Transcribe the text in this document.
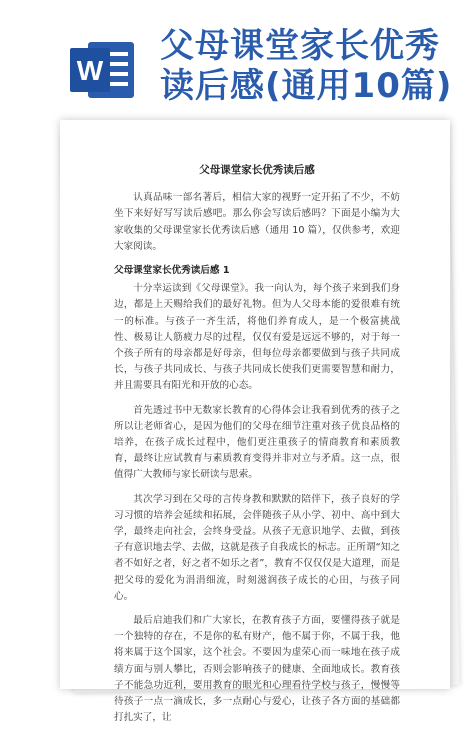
W
父母课堂家长优秀
读后感(通用10篇)
父母课堂家长优秀读后感

认真品味一部名著后，相信大家的视野一定开拓了不少，不妨坐下来好好写写读后感吧。那么你会写读后感吗？下面是小编为大家收集的父母课堂家长优秀读后感（通用 10 篇），仅供参考，欢迎大家阅读。

父母课堂家长优秀读后感 1

十分幸运读到《父母课堂》。我一向认为，每个孩子来到我们身边，都是上天赐给我们的最好礼物。但为人父母本能的爱很难有统一的标准。与孩子一齐生活，将他们养育成人，是一个极富挑战性、极易让人筋疲力尽的过程，仅仅有爱是远远不够的，对于每一个孩子所有的母亲都是好母亲，但每位母亲都要做到与孩子共同成长，与孩子共同成长、与孩子共同成长使我们更需要智慧和耐力，并且需要具有阳光和开放的心态。

首先透过书中无数家长教育的心得体会让我看到优秀的孩子之所以让老师省心，是因为他们的父母在细节注重对孩子优良品格的培养，在孩子成长过程中，他们更注重孩子的情商教育和素质教育，最终让应试教育与素质教育变得并非对立与矛盾。这一点，很值得广大教师与家长研读与思索。

其次学习到在父母的言传身教和默默的陪伴下，孩子良好的学习习惯的培养会延续和拓展，会伴随孩子从小学、初中、高中到大学，最终走向社会，会终身受益。从孩子无意识地学、去做，到孩子有意识地去学、去做，这就是孩子自我成长的标志。正所谓“知之者不如好之者，好之者不如乐之者”，教育不仅仅仅是大道理，而是把父母的爱化为涓涓细流，时刻滋润孩子成长的心田，与孩子同心。

最后启迪我们和广大家长，在教育孩子方面，要懂得孩子就是一个独特的存在，不是你的私有财产，他不属于你，不属于我，他将来属于这个国家，这个社会。不要因为虚荣心而一味地在孩子成绩方面与别人攀比，否则会影响孩子的健康、全面地成长。教育孩子不能急功近利，要用教育的眼光和心理看待学校与孩子，慢慢等待孩子一点一滴成长，多一点耐心与爱心，让孩子各方面的基础都打扎实了，让
